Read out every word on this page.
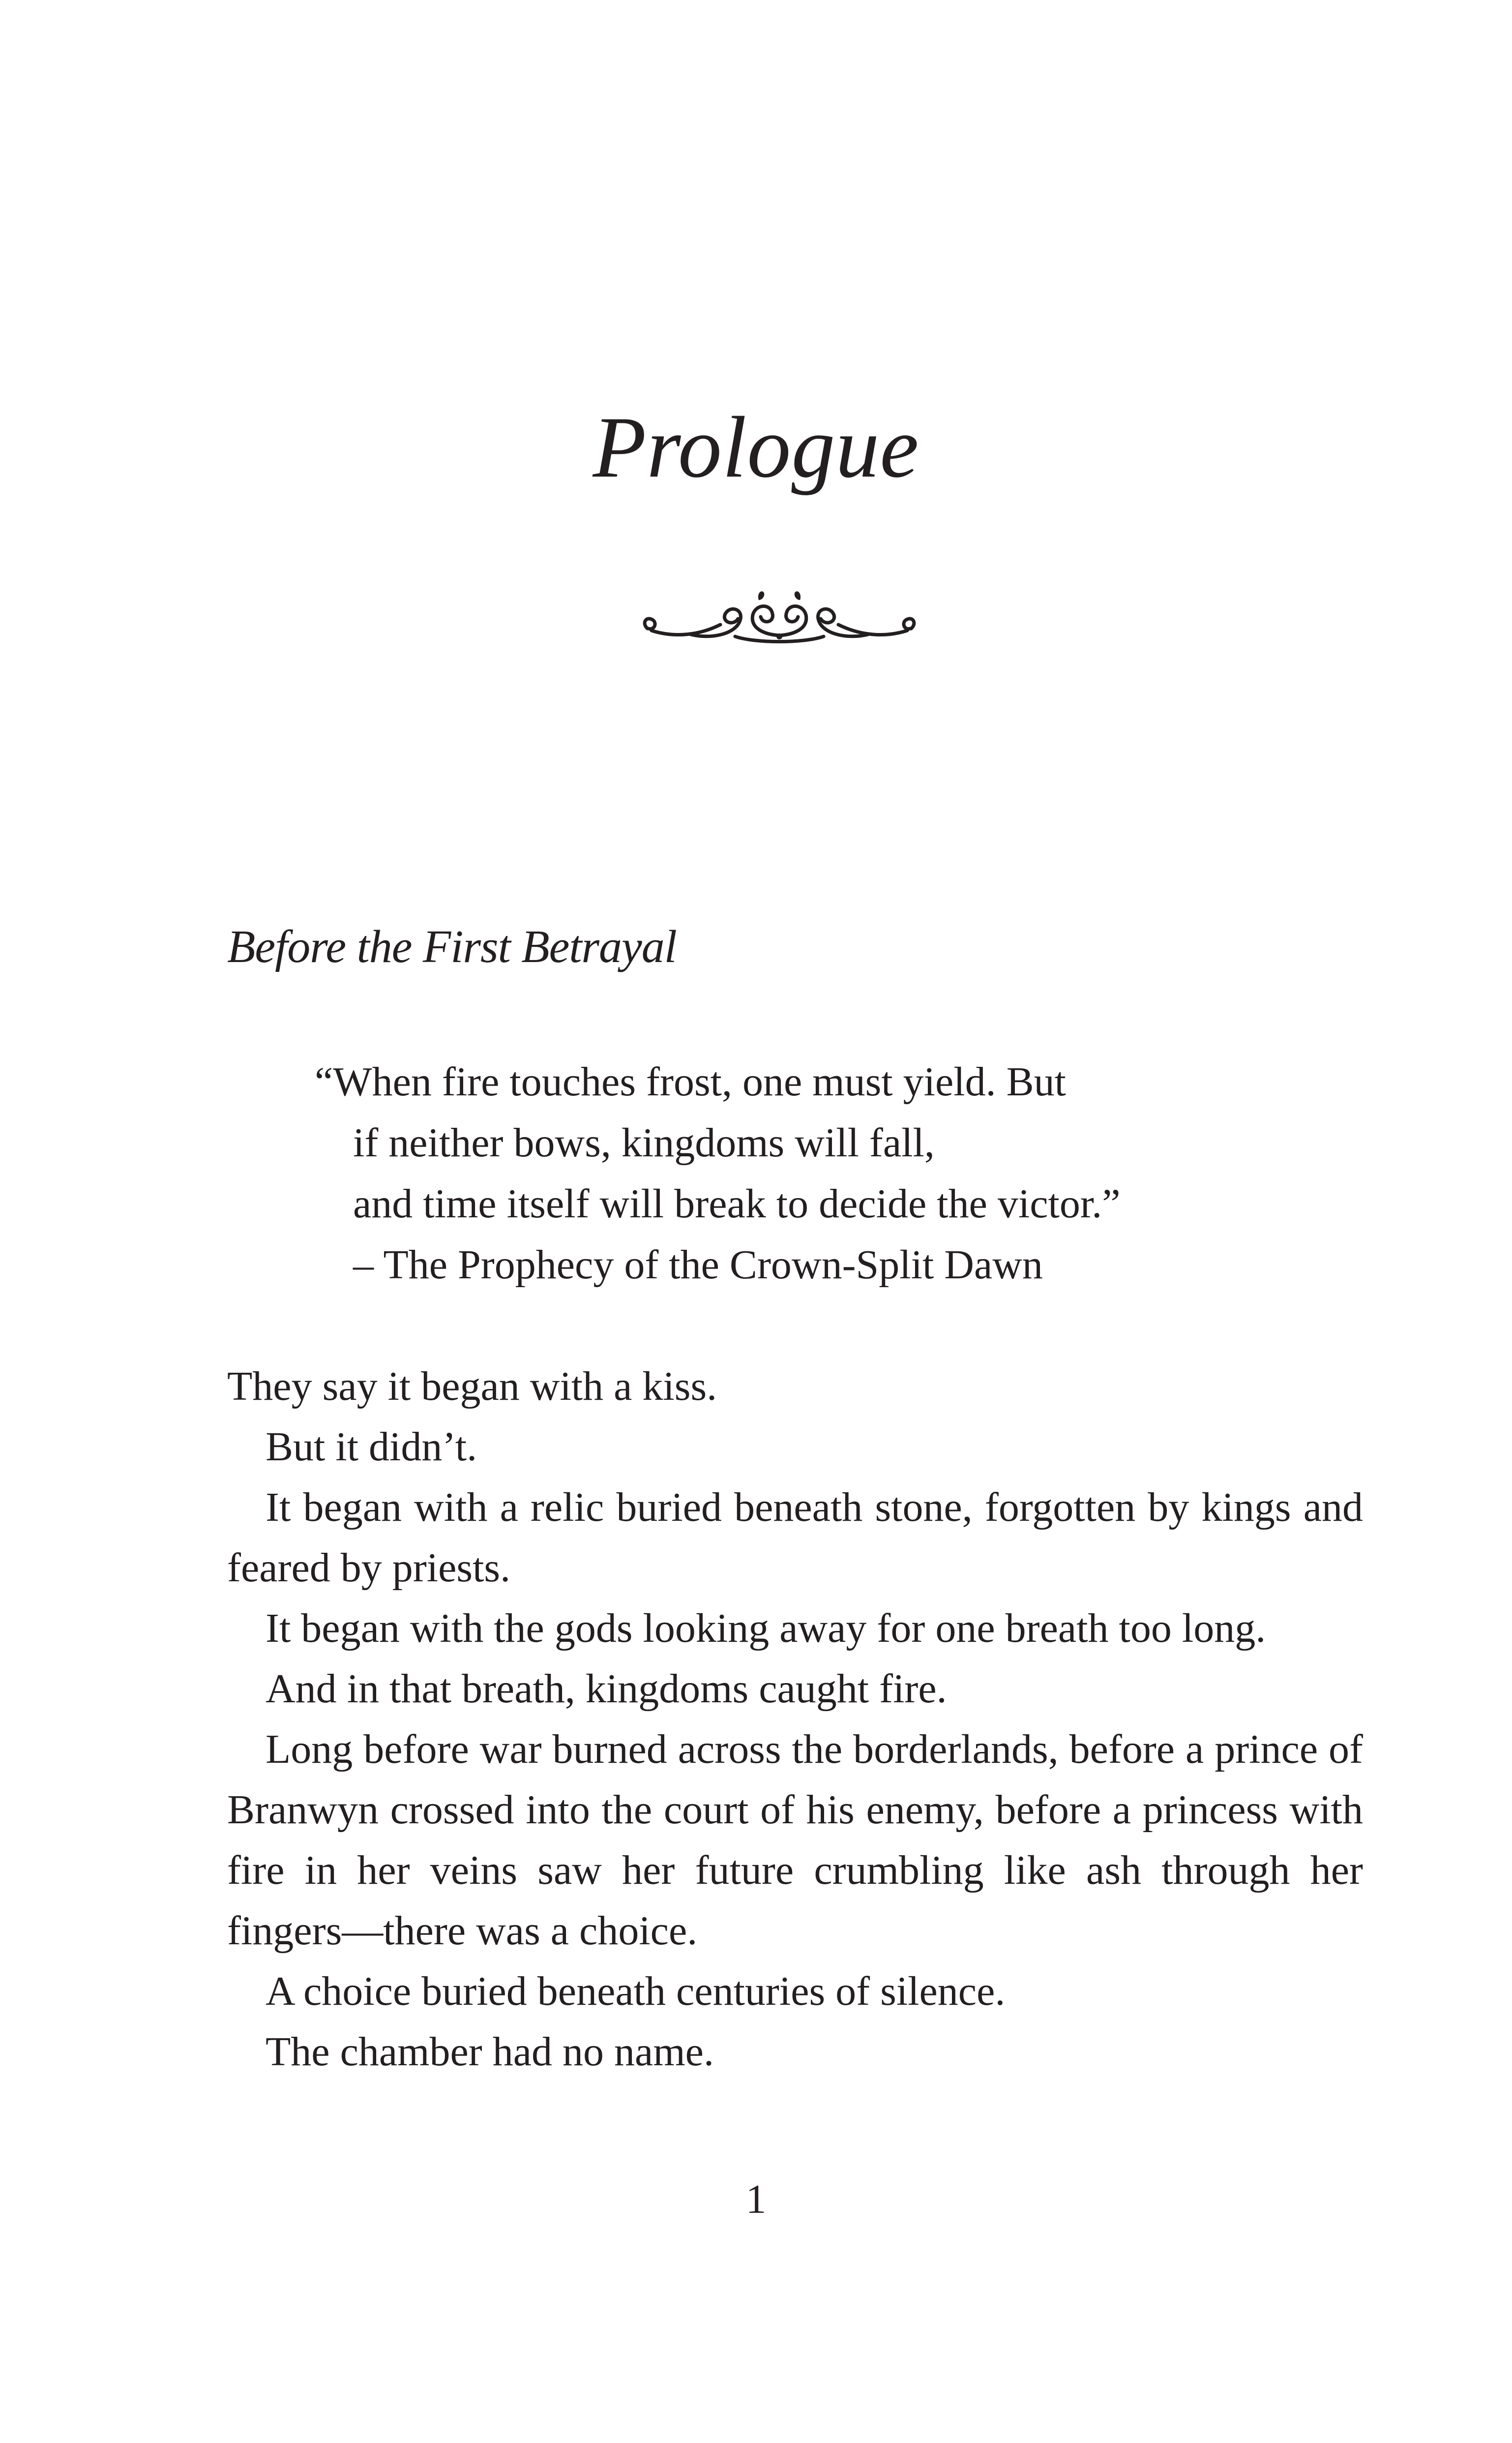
Prologue
Before the First Betrayal
“When fire touches frost, one must yield. But
if neither bows, kingdoms will fall,
and time itself will break to decide the victor.”
– The Prophecy of the Crown-Split Dawn

They say it began with a kiss.

But it didn’t.

It began with a relic buried beneath stone, forgotten by kings and feared by priests.

It began with the gods looking away for one breath too long.

And in that breath, kingdoms caught fire.

Long before war burned across the borderlands, before a prince of Branwyn crossed into the court of his enemy, before a princess with fire in her veins saw her future crumbling like ash through her fingers—there was a choice.

A choice buried beneath centuries of silence.

The chamber had no name.

1
